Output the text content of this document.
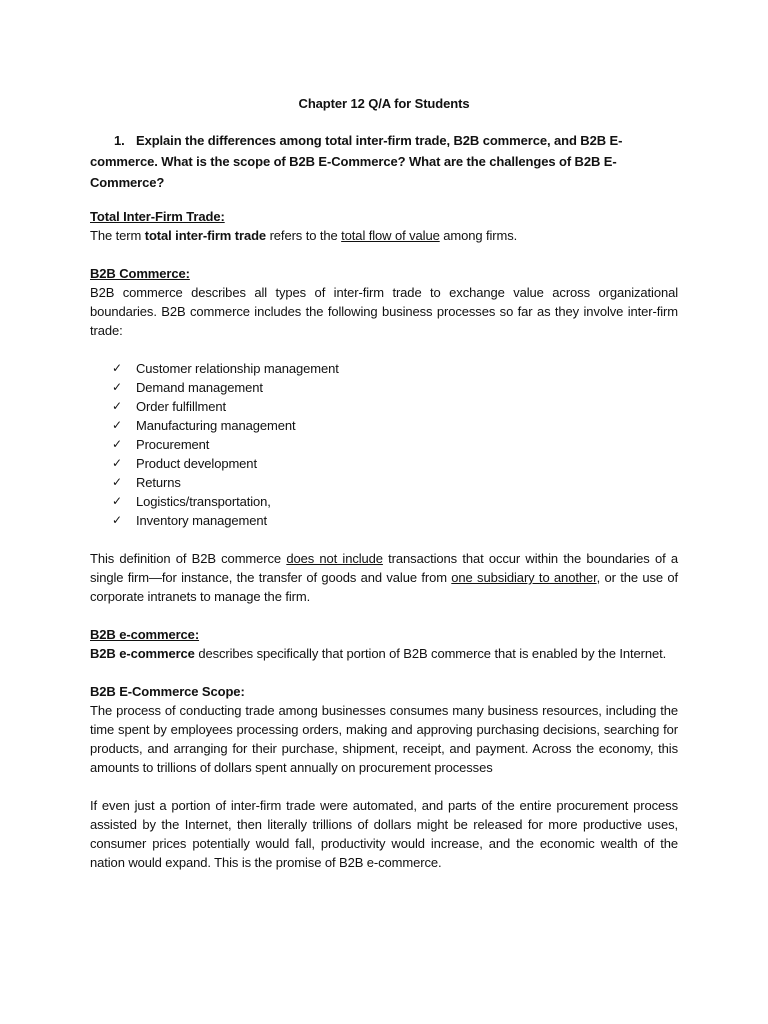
Chapter 12 Q/A for Students

1. Explain the differences among total inter-firm trade, B2B commerce, and B2B E-commerce. What is the scope of B2B E-Commerce? What are the challenges of B2B E-Commerce?

Total Inter-Firm Trade:

The term total inter-firm trade refers to the total flow of value among firms.

B2B Commerce:

B2B commerce describes all types of inter-firm trade to exchange value across organizational boundaries. B2B commerce includes the following business processes so far as they involve inter-firm trade:

✓ Customer relationship management
✓ Demand management
✓ Order fulfillment
✓ Manufacturing management
✓ Procurement
✓ Product development
✓ Returns
✓ Logistics/transportation,
✓ Inventory management

This definition of B2B commerce does not include transactions that occur within the boundaries of a single firm—for instance, the transfer of goods and value from one subsidiary to another, or the use of corporate intranets to manage the firm.

B2B e-commerce:

B2B e-commerce describes specifically that portion of B2B commerce that is enabled by the Internet.

B2B E-Commerce Scope:

The process of conducting trade among businesses consumes many business resources, including the time spent by employees processing orders, making and approving purchasing decisions, searching for products, and arranging for their purchase, shipment, receipt, and payment. Across the economy, this amounts to trillions of dollars spent annually on procurement processes

If even just a portion of inter-firm trade were automated, and parts of the entire procurement process assisted by the Internet, then literally trillions of dollars might be released for more productive uses, consumer prices potentially would fall, productivity would increase, and the economic wealth of the nation would expand. This is the promise of B2B e-commerce.
